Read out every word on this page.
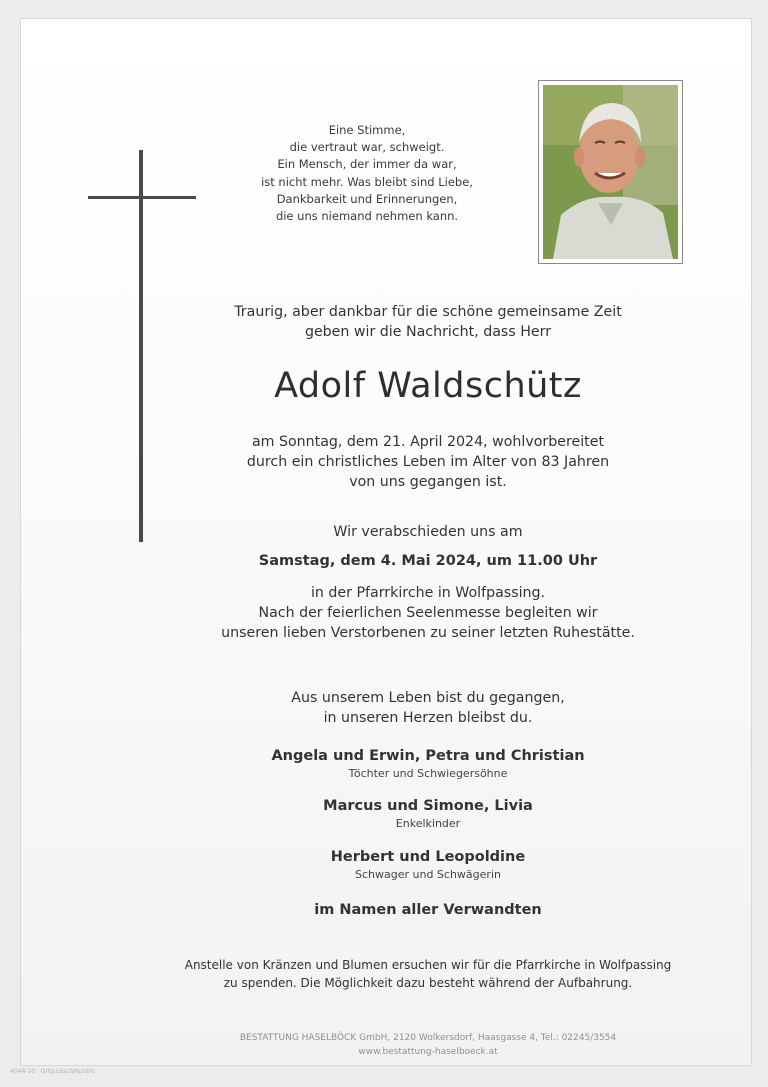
Eine Stimme,
die vertraut war, schweigt.
Ein Mensch, der immer da war,
ist nicht mehr. Was bleibt sind Liebe,
Dankbarkeit und Erinnerungen,
die uns niemand nehmen kann.
Traurig, aber dankbar für die schöne gemeinsame Zeit
geben wir die Nachricht, dass Herr
Adolf Waldschütz
am Sonntag, dem 21. April 2024, wohlvorbereitet
durch ein christliches Leben im Alter von 83 Jahren
von uns gegangen ist.
Wir verabschieden uns am
Samstag, dem 4. Mai 2024, um 11.00 Uhr
in der Pfarrkirche in Wolfpassing.
Nach der feierlichen Seelenmesse begleiten wir
unseren lieben Verstorbenen zu seiner letzten Ruhestätte.
Aus unserem Leben bist du gegangen,
in unseren Herzen bleibst du.
Angela und Erwin, Petra und Christian
Töchter und Schwiegersöhne
Marcus und Simone, Livia
Enkelkinder
Herbert und Leopoldine
Schwager und Schwägerin
im Namen aller Verwandten
Anstelle von Kränzen und Blumen ersuchen wir für die Pfarrkirche in Wolfpassing
zu spenden. Die Möglichkeit dazu besteht während der Aufbahrung.
BESTATTUNG HASELBÖCK GmbH, 2120 Wolkersdorf, Haasgasse 4, Tel.: 02245/3554
www.bestattung-haselboeck.at
4044-10 · Ortg.Lösch/Kontro
